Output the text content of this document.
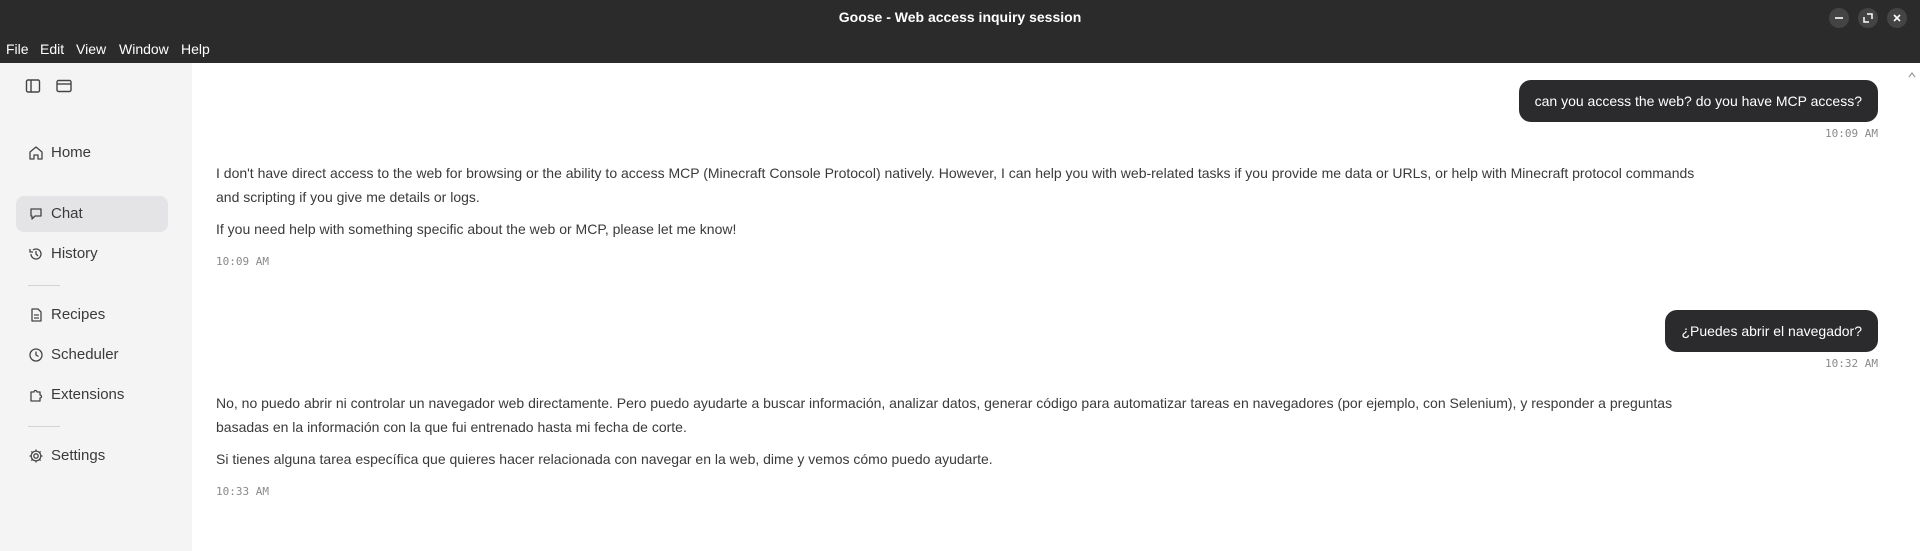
Goose - Web access inquiry session
File Edit View Window Help
Home
Chat
History
Recipes
Scheduler
Extensions
Settings
can you access the web? do you have MCP access?
10:09 AM

I don't have direct access to the web for browsing or the ability to access MCP (Minecraft Console Protocol) natively. However, I can help you with web-related tasks if you provide me data or URLs, or help with Minecraft protocol commands and scripting if you give me details or logs.

If you need help with something specific about the web or MCP, please let me know!

10:09 AM
¿Puedes abrir el navegador?
10:32 AM

No, no puedo abrir ni controlar un navegador web directamente. Pero puedo ayudarte a buscar información, analizar datos, generar código para automatizar tareas en navegadores (por ejemplo, con Selenium), y responder a preguntas basadas en la información con la que fui entrenado hasta mi fecha de corte.

Si tienes alguna tarea específica que quieres hacer relacionada con navegar en la web, dime y vemos cómo puedo ayudarte.

10:33 AM
